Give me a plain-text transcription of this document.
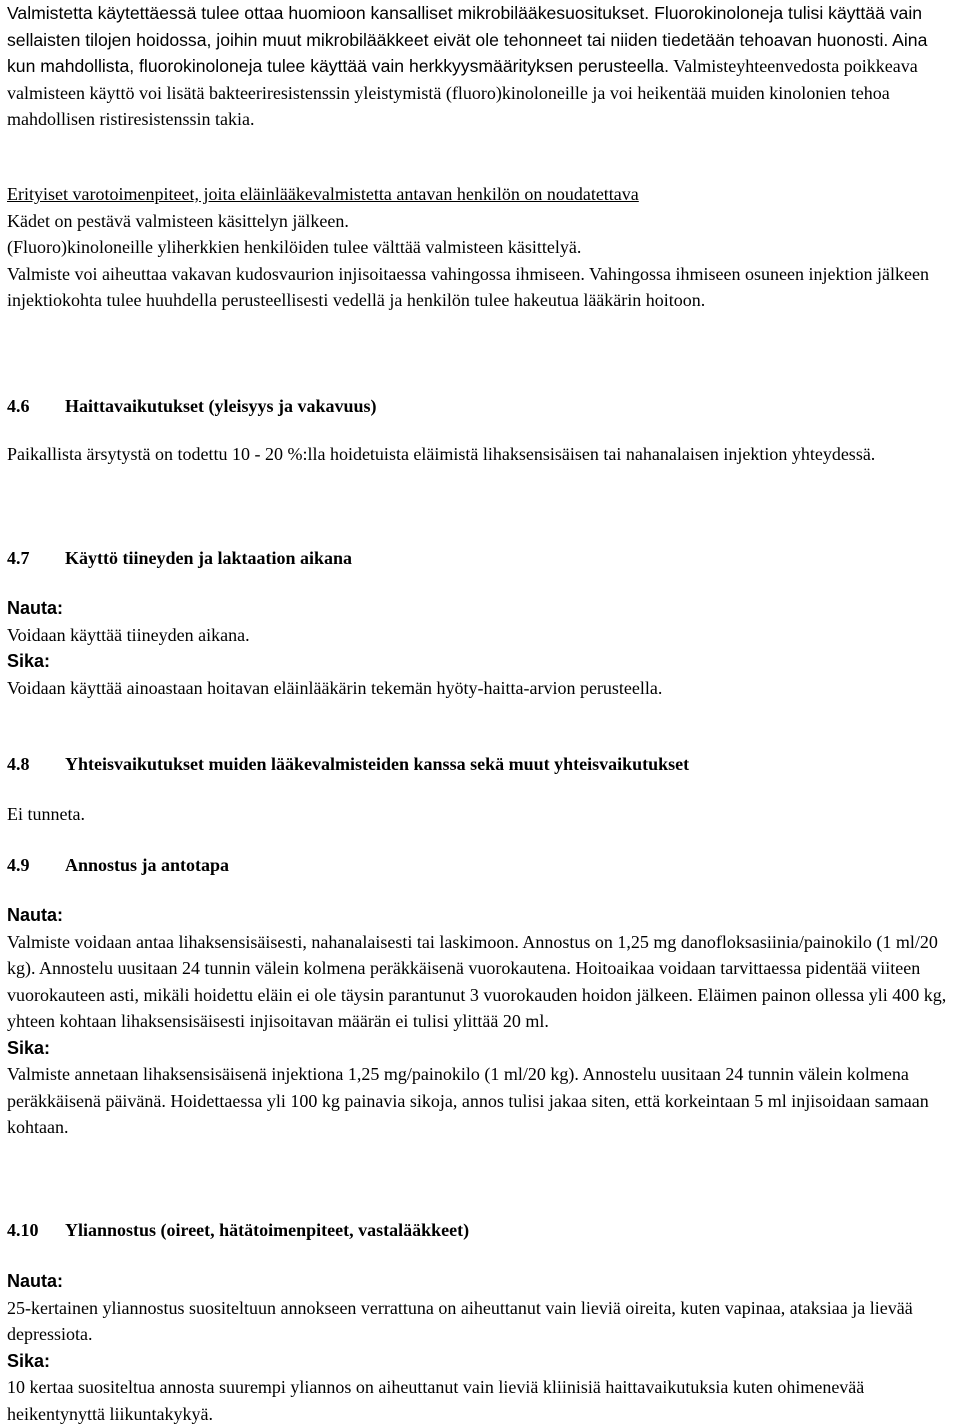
Valmistetta käytettäessä tulee ottaa huomioon kansalliset mikrobilääkesuositukset. Fluorokinoloneja tulisi käyttää vain sellaisten tilojen hoidossa, joihin muut mikrobilääkkeet eivät ole tehonneet tai niiden tiedetään tehoavan huonosti. Aina kun mahdollista, fluorokinoloneja tulee käyttää vain herkkyysmäärityksen perusteella. Valmisteyhteenvedosta poikkeava valmisteen käyttö voi lisätä bakteeriresistenssin yleistymistä (fluoro)kinoloneille ja voi heikentää muiden kinolonien tehoa mahdollisen ristiresistenssin takia.

Erityiset varotoimenpiteet, joita eläinlääkevalmistetta antavan henkilön on noudatettava
Kädet on pestävä valmisteen käsittelyn jälkeen.
(Fluoro)kinoloneille yliherkkien henkilöiden tulee välttää valmisteen käsittelyä.
Valmiste voi aiheuttaa vakavan kudosvaurion injisoitaessa vahingossa ihmiseen. Vahingossa ihmiseen osuneen injektion jälkeen injektiokohta tulee huuhdella perusteellisesti vedellä ja henkilön tulee hakeutua lääkärin hoitoon.
4.6 Haittavaikutukset (yleisyys ja vakavuus)

Paikallista ärsytystä on todettu 10 - 20 %:lla hoidetuista eläimistä lihaksensisäisen tai nahanalaisen injektion yhteydessä.

4.7 Käyttö tiineyden ja laktaation aikana
Nauta:
Voidaan käyttää tiineyden aikana.
Sika:
Voidaan käyttää ainoastaan hoitavan eläinlääkärin tekemän hyöty-haitta-arvion perusteella.
4.8 Yhteisvaikutukset muiden lääkevalmisteiden kanssa sekä muut yhteisvaikutukset

Ei tunneta.

4.9 Annostus ja antotapa
Nauta:
Valmiste voidaan antaa lihaksensisäisesti, nahanalaisesti tai laskimoon. Annostus on 1,25 mg danofloksasiinia/painokilo (1 ml/20 kg). Annostelu uusitaan 24 tunnin välein kolmena peräkkäisenä vuorokautena. Hoitoaikaa voidaan tarvittaessa pidentää viiteen vuorokauteen asti, mikäli hoidettu eläin ei ole täysin parantunut 3 vuorokauden hoidon jälkeen. Eläimen painon ollessa yli 400 kg, yhteen kohtaan lihaksensisäisesti injisoitavan määrän ei tulisi ylittää 20 ml.
Sika:
Valmiste annetaan lihaksensisäisenä injektiona 1,25 mg/painokilo (1 ml/20 kg). Annostelu uusitaan 24 tunnin välein kolmena peräkkäisenä päivänä. Hoidettaessa yli 100 kg painavia sikoja, annos tulisi jakaa siten, että korkeintaan 5 ml injisoidaan samaan kohtaan.
4.10 Yliannostus (oireet, hätätoimenpiteet, vastalääkkeet)
Nauta:
25-kertainen yliannostus suositeltuun annokseen verrattuna on aiheuttanut vain lieviä oireita, kuten vapinaa, ataksiaa ja lievää depressiota.
Sika:
10 kertaa suositeltua annosta suurempi yliannos on aiheuttanut vain lieviä kliinisiä haittavaikutuksia kuten ohimenevää heikentynyttä liikuntakykyä.
